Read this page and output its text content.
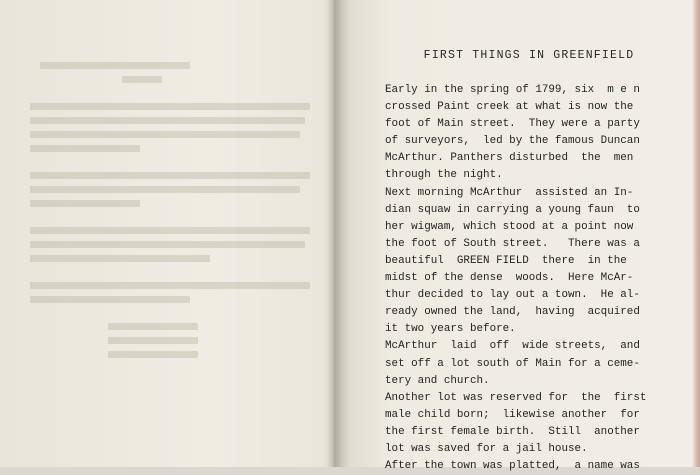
FIRST THINGS IN GREENFIELD
Early in the spring of 1799, six  m e n
crossed Paint creek at what is now the
foot of Main street.  They were a party
of surveyors,  led by the famous Duncan
McArthur. Panthers disturbed  the  men
through the night.
Next morning McArthur  assisted an In-
dian squaw in carrying a young faun  to
her wigwam, which stood at a point now
the foot of South street.   There was a
beautiful  GREEN FIELD  there  in the
midst of the dense  woods.  Here McAr-
thur decided to lay out a town.  He al-
ready owned the land,  having  acquired
it two years before.
McArthur  laid  off  wide streets,  and
set off a lot south of Main for a ceme-
tery and church.
Another lot was reserved for  the  first
male child born;  likewise another  for
the first female birth.  Still  another
lot was saved for a jail house.
After the town was platted,  a name was
